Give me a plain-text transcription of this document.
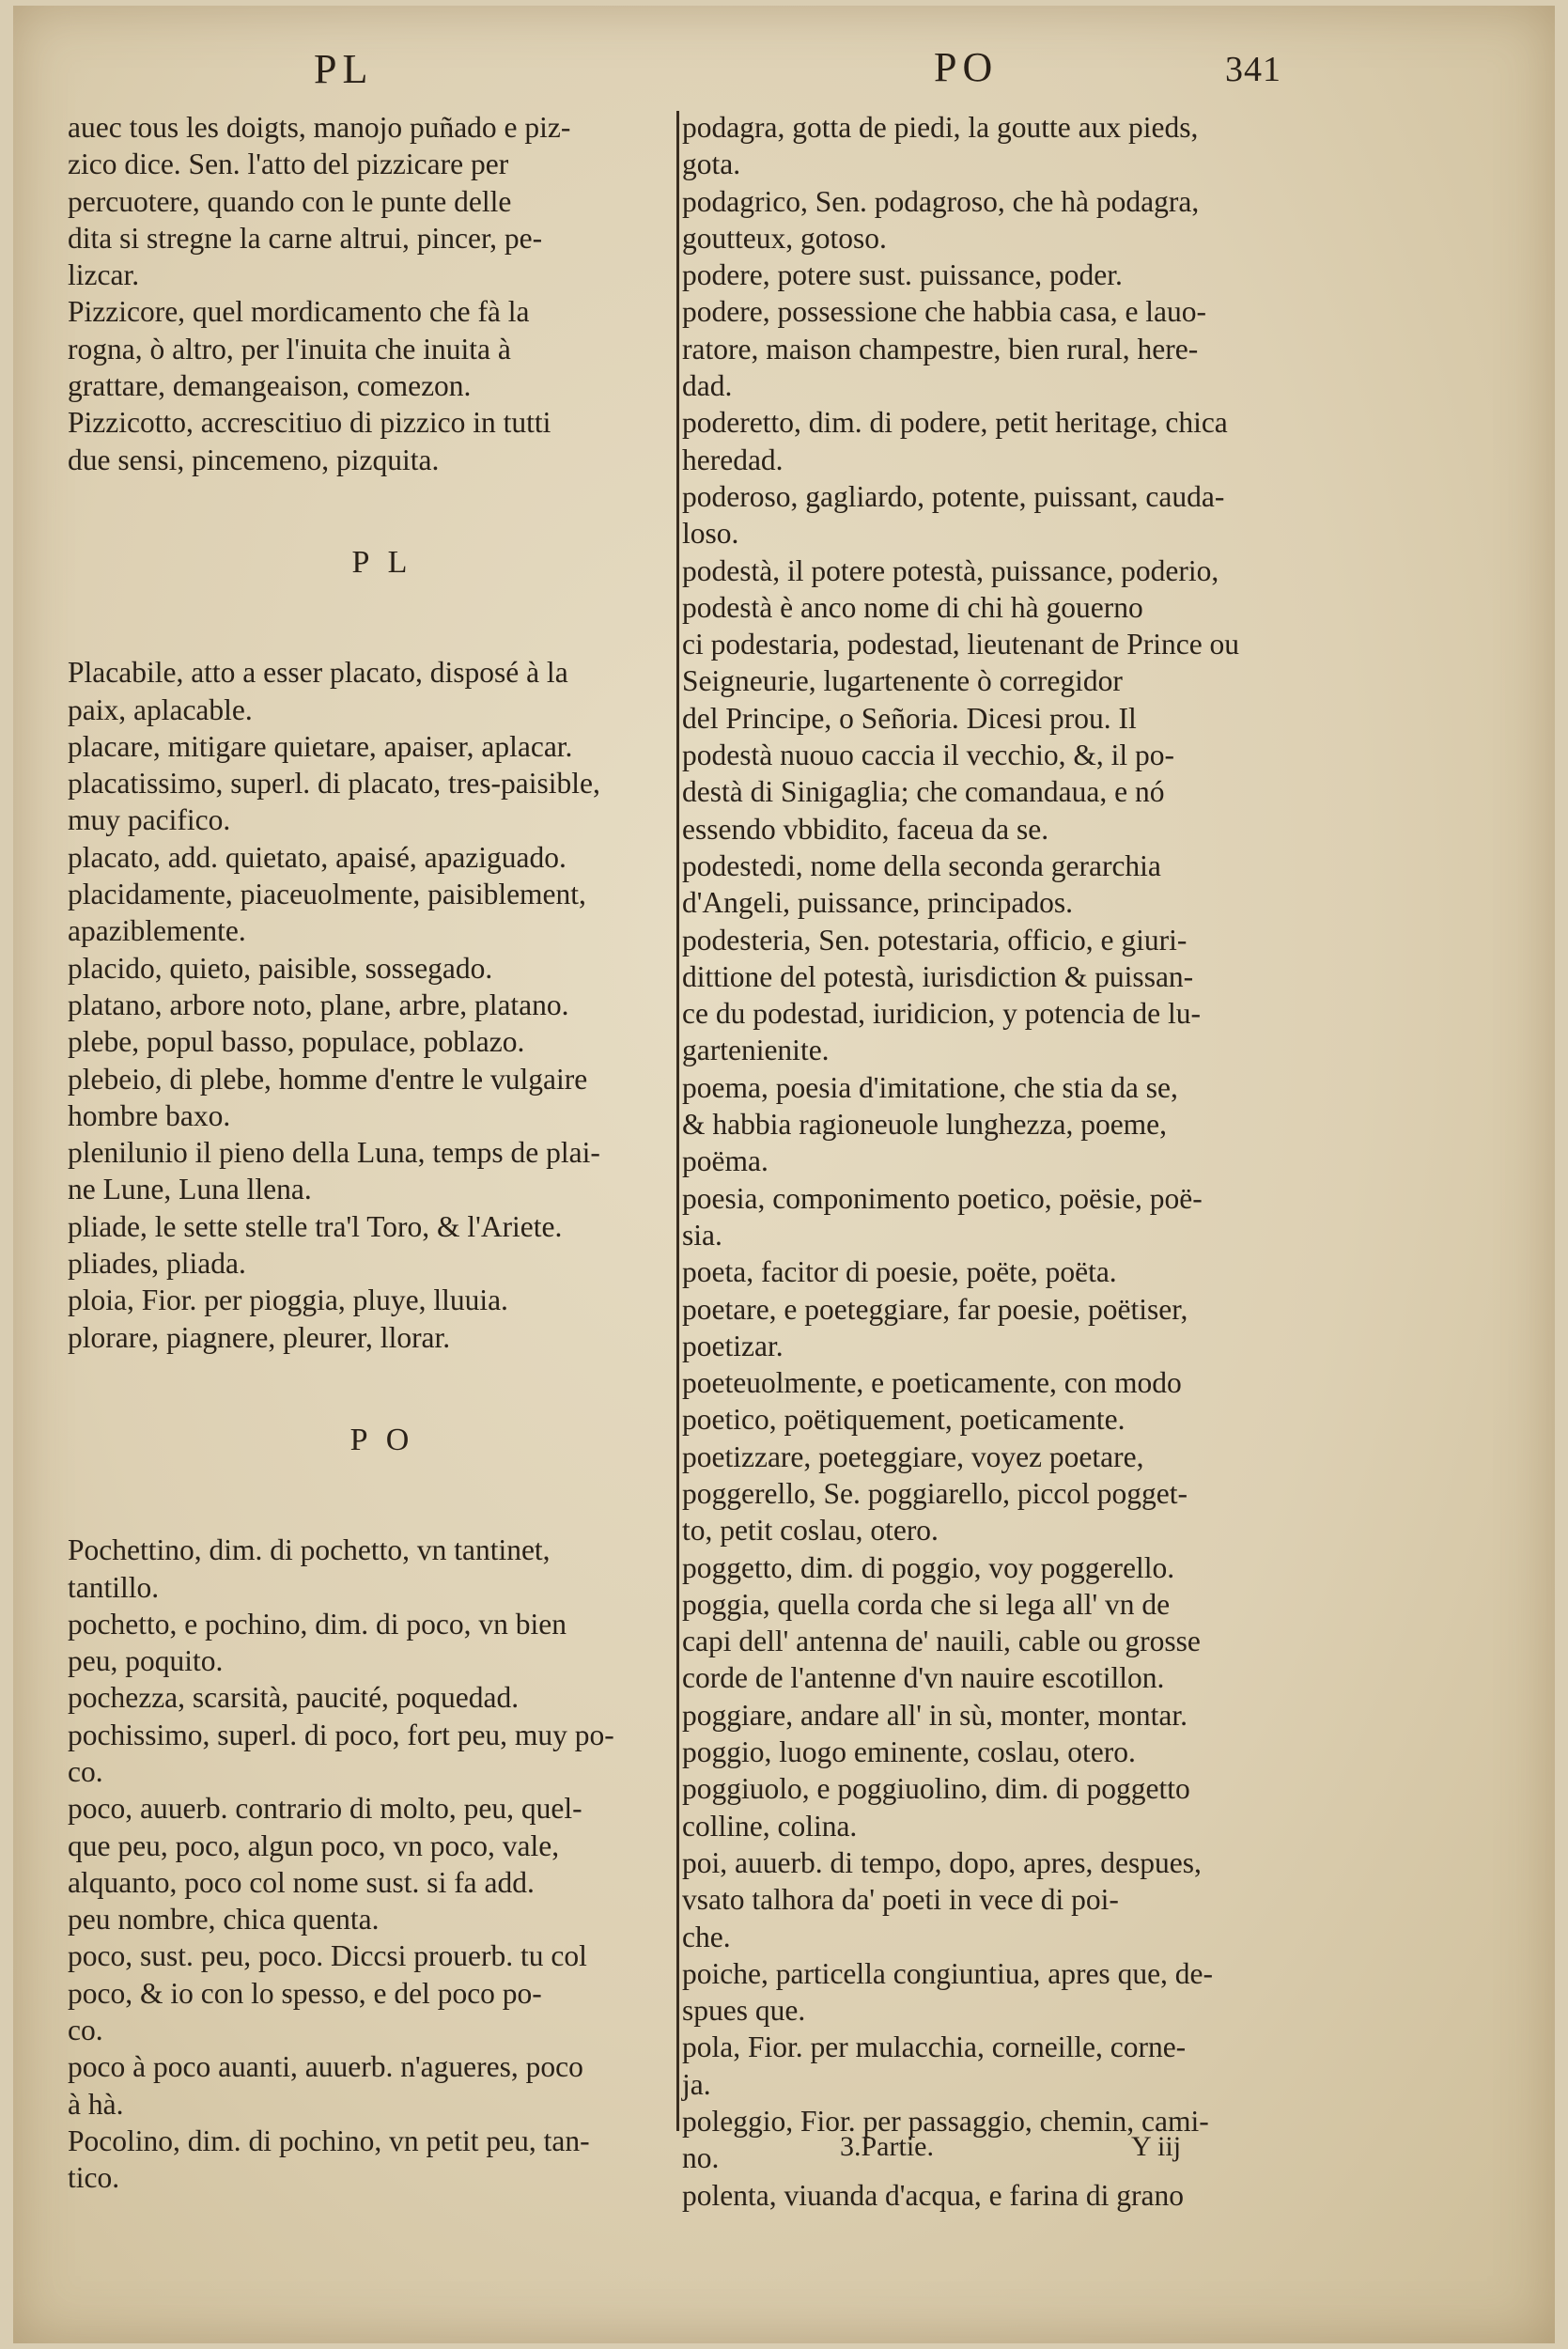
PL	PO	341
auec tous les doigts, manojo puñado e piz-
zico dice. Sen. l'atto del pizzicare per
percuotere, quando con le punte delle
dita si stregne la carne altrui, pincer, pe-
lizcar.
Pizzicore, quel mordicamento che fà la
rogna, ò altro, per l'inuita che inuita à
grattare, demangeaison, comezon.
Pizzicotto, accrescitiuo di pizzico in tutti
due sensi, pincemeno, pizquita.
P L
Placabile, atto a esser placato, disposé à la
paix, aplacable.
placare, mitigare quietare, apaiser, aplacar.
placatissimo, superl. di placato, tres-paisible,
muy pacifico.
placato, add. quietato, apaisé, apaziguado.
placidamente, piaceuolmente, paisiblement,
apaziblemente.
placido, quieto, paisible, sossegado.
platano, arbore noto, plane, arbre, platano.
plebe, popul basso, populace, poblazo.
plebeio, di plebe, homme d'entre le vulgaire
hombre baxo.
plenilunio il pieno della Luna, temps de plai-
ne Lune, Luna llena.
pliade, le sette stelle tra'l Toro, & l'Ariete.
pliades, pliada.
ploia, Fior. per pioggia, pluye, lluuia.
plorare, piagnere, pleurer, llorar.
P O
Pochettino, dim. di pochetto, vn tantinet,
tantillo.
pochetto, e pochino, dim. di poco, vn bien
peu, poquito.
pochezza, scarsità, paucité, poquedad.
pochissimo, superl. di poco, fort peu, muy po-
co.
poco, auuerb. contrario di molto, peu, quel-
que peu, poco, algun poco, vn poco, vale,
alquanto, poco col nome sust. si fa add.
peu nombre, chica quenta.
poco, sust. peu, poco. Diccsi prouerb. tu col
poco, & io con lo spesso, e del poco po-
co.
poco à poco auanti, auuerb. n'agueres, poco
à hà.
Pocolino, dim. di pochino, vn petit peu, tan-
tico.
podagra, gotta de piedi, la goutte aux pieds,
gota.
podagrico, Sen. podagroso, che hà podagra,
goutteux, gotoso.
podere, potere sust. puissance, poder.
podere, possessione che habbia casa, e lauo-
ratore, maison champestre, bien rural, here-
dad.
poderetto, dim. di podere, petit heritage, chica
heredad.
poderoso, gagliardo, potente, puissant, cauda-
loso.
podestà, il potere potestà, puissance, poderio,
podestà è anco nome di chi hà gouerno
ci podestaria, podestad, lieutenant de Prince ou
Seigneurie, lugartenente ò corregidor
del Principe, o Señoria. Dicesi prou. Il
podestà nuouo caccia il vecchio, &, il po-
destà di Sinigaglia; che comandaua, e nó
essendo vbbidito, faceua da se.
podestedi, nome della seconda gerarchia
d'Angeli, puissance, principados.
podesteria, Sen. potestaria, officio, e giuri-
dittione del potestà, iurisdiction & puissan-
ce du podestad, iuridicion, y potencia de lu-
gartenienite.
poema, poesia d'imitatione, che stia da se,
& habbia ragioneuole lunghezza, poeme,
poëma.
poesia, componimento poetico, poësie, poë-
sia.
poeta, facitor di poesie, poëte, poëta.
poetare, e poeteggiare, far poesie, poëtiser,
poetizar.
poeteuolmente, e poeticamente, con modo
poetico, poëtiquement, poeticamente.
poetizzare, poeteggiare, voyez poetare,
poggerello, Se. poggiarello, piccol pogget-
to, petit coslau, otero.
poggetto, dim. di poggio, voy poggerello.
poggia, quella corda che si lega all' vn de
capi dell' antenna de' nauili, cable ou grosse
corde de l'antenne d'vn nauire escotillon.
poggiare, andare all' in sù, monter, montar.
poggio, luogo eminente, coslau, otero.
poggiuolo, e poggiuolino, dim. di poggetto
colline, colina.
poi, auuerb. di tempo, dopo, apres, despues,
vsato talhora da' poeti in vece di poi-
che.
poiche, particella congiuntiua, apres que, de-
spues que.
pola, Fior. per mulacchia, corneille, corne-
ja.
poleggio, Fior. per passaggio, chemin, cami-
no.
polenta, viuanda d'acqua, e farina di grano
3.Partie.	Y iij
